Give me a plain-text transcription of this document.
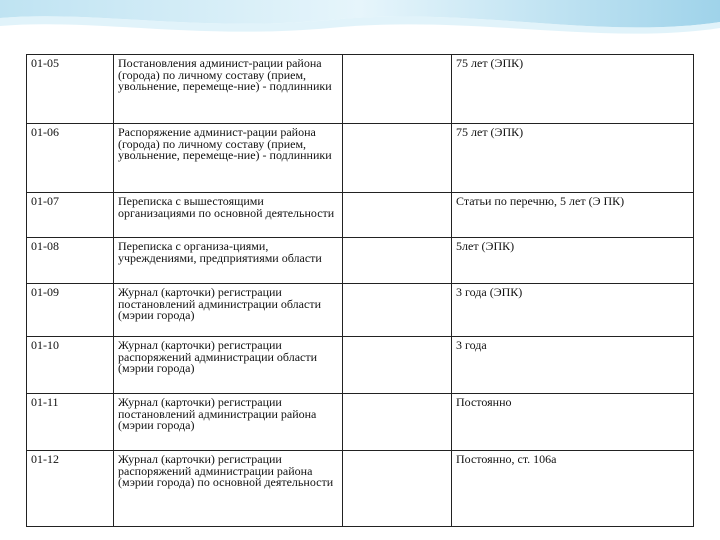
01-05	Постановления админист-рации района (города) по личному составу (прием, увольнение, перемеще-ние) - подлинники		75 лет (ЭПК)
01-06	Распоряжение админист-рации района (города) по личному составу (прием, увольнение, перемеще-ние) - подлинники		75 лет (ЭПК)
01-07	Переписка с вышестоящими организациями по основной деятельности		Статьи по перечню, 5 лет (Э ПК)
01-08	Переписка с организа-циями, учреждениями, предприятиями области		5лет (ЭПК)
01-09	Журнал (карточки) регистрации постановлений администрации области (мэрии города)		3 года (ЭПК)
01-10	Журнал (карточки) регистрации распоряжений администрации области (мэрии города)		3 года
01-11	Журнал (карточки) регистрации постановлений администрации района (мэрии города)		Постоянно
01-12	Журнал (карточки) регистрации распоряжений администрации района (мэрии города) по основной деятельности		Постоянно, ст. 106а
